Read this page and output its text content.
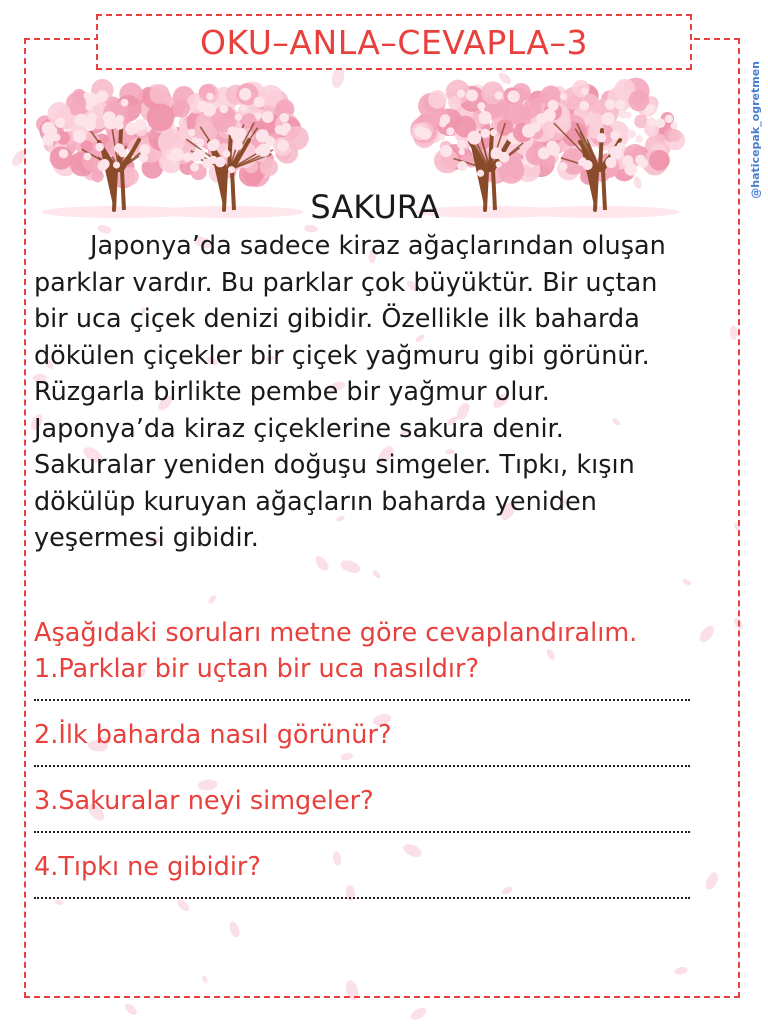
OKU–ANLA–CEVAPLA–3
@haticepak_ogretmen
SAKURA
Japonya’da sadece kiraz ağaçlarından oluşan
parklar vardır. Bu parklar çok büyüktür. Bir uçtan
bir uca çiçek denizi gibidir. Özellikle ilk baharda
dökülen çiçekler bir çiçek yağmuru gibi görünür.
Rüzgarla birlikte pembe bir yağmur olur.
Japonya’da kiraz çiçeklerine sakura denir.
Sakuralar yeniden doğuşu simgeler. Tıpkı, kışın
dökülüp kuruyan ağaçların baharda yeniden
yeşermesi gibidir.
Aşağıdaki soruları metne göre cevaplandıralım.
1.Parklar bir uçtan bir uca nasıldır?
2.İlk baharda nasıl görünür?
3.Sakuralar neyi simgeler?
4.Tıpkı ne gibidir?
